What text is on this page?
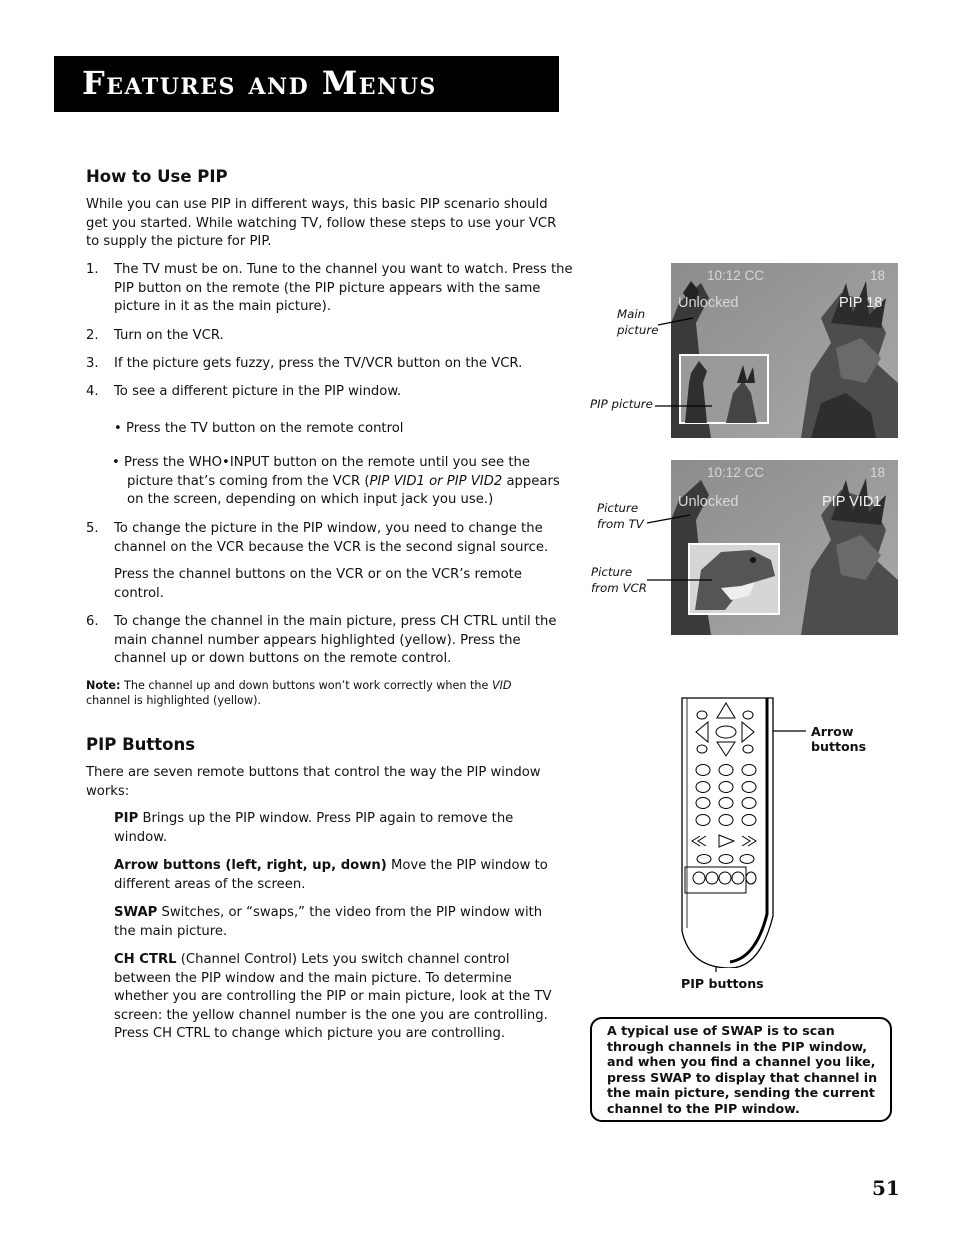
Features and Menus
How to Use PIP
While you can use PIP in different ways, this basic PIP scenario should get you started. While watching TV, follow these steps to use your VCR to supply the picture for PIP.
1. The TV must be on. Tune to the channel you want to watch. Press the PIP button on the remote (the PIP picture appears with the same picture in it as the main picture).
2. Turn on the VCR.
3. If the picture gets fuzzy, press the TV/VCR button on the VCR.
4. To see a different picture in the PIP window.
• Press the TV button on the remote control
• Press the WHO•INPUT button on the remote until you see the picture that’s coming from the VCR (PIP VID1 or PIP VID2 appears on the screen, depending on which input jack you use.)
5. To change the picture in the PIP window, you need to change the channel on the VCR because the VCR is the second signal source.
Press the channel buttons on the VCR or on the VCR’s remote control.
6. To change the channel in the main picture, press CH CTRL until the main channel number appears highlighted (yellow). Press the channel up or down buttons on the remote control.
Note: The channel up and down buttons won’t work correctly when the VID channel is highlighted (yellow).
PIP Buttons
There are seven remote buttons that control the way the PIP window works:
PIP Brings up the PIP window. Press PIP again to remove the window.
Arrow buttons (left, right, up, down) Move the PIP window to different areas of the screen.
SWAP Switches, or “swaps,” the video from the PIP window with the main picture.
CH CTRL (Channel Control) Lets you switch channel control between the PIP window and the main picture. To determine whether you are controlling the PIP or main picture, look at the TV screen: the yellow channel number is the one you are controlling. Press CH CTRL to change which picture you are controlling.
10:12 CC	18
Unlocked	PIP 18
10:12 CC	18
Unlocked	PIP VID1
Main picture
PIP picture
Picture from TV
Picture from VCR
Arrow buttons
PIP buttons
A typical use of SWAP is to scan through channels in the PIP window, and when you find a channel you like, press SWAP to display that channel in the main picture, sending the current channel to the PIP window.
51
